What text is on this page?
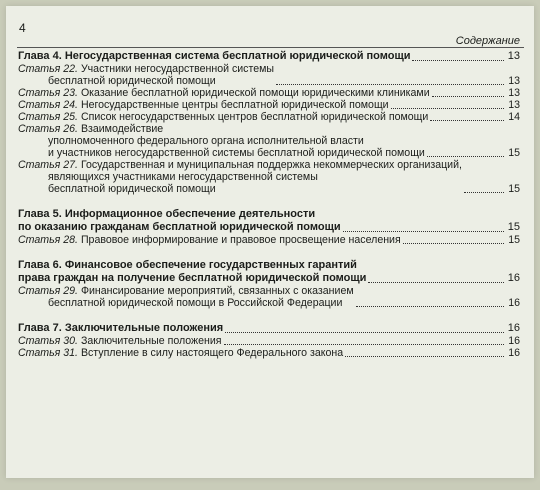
4
Содержание
Глава 4. Негосударственная система бесплатной юридической помощи	13
Статья 22. Участники негосударственной системы
бесплатной юридической помощи	13
Статья 23. Оказание бесплатной юридической помощи юридическими клиниками	13
Статья 24. Негосударственные центры бесплатной юридической помощи	13
Статья 25. Список негосударственных центров бесплатной юридической помощи	14
Статья 26. Взаимодействие
уполномоченного федерального органа исполнительной власти
и участников негосударственной системы бесплатной юридической помощи	15
Статья 27. Государственная и муниципальная поддержка некоммерческих организаций,
являющихся участниками негосударственной системы
бесплатной юридической помощи	15
Глава 5. Информационное обеспечение деятельности
по оказанию гражданам бесплатной юридической помощи	15
Статья 28. Правовое информирование и правовое просвещение населения	15
Глава 6. Финансовое обеспечение государственных гарантий
права граждан на получение бесплатной юридической помощи	16
Статья 29. Финансирование мероприятий, связанных с оказанием
бесплатной юридической помощи в Российской Федерации	16
Глава 7. Заключительные положения	16
Статья 30. Заключительные положения	16
Статья 31. Вступление в силу настоящего Федерального закона	16
